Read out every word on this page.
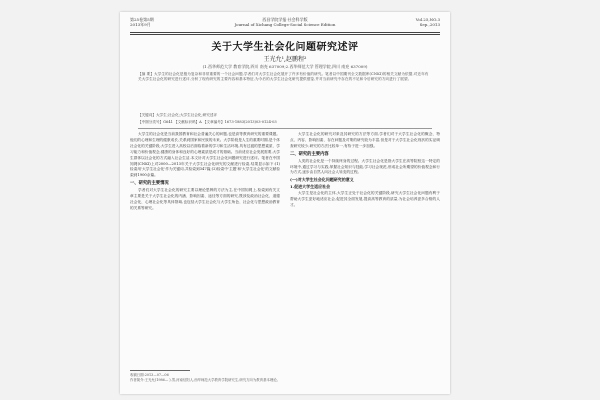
第25卷第5期
2013年9月
西昌学院学报·社会科学版
Journal of Xichang College·Social Science Edition
Vol.25,NO.3
Sep.,2013
关于大学生社会化问题研究述评
王光允¹,赵鹏程²
(1.西华师范大学 教育学院,四川 南充 637009;2.西华师范大学 管理学院,四川 南充 637009)
【摘 要】大学生的社会化是极为复杂和非常重要的一个社会问题,学者们对大学生社会化展开了许多有价值的研究。笔者以中国期刊全文数据库(CNKI)的相关文献为依据,对近年有关大学生社会化的研究进行述评,分析了现有研究的主要内容和基本特征,为今后的大学生社会化研究提供借鉴,并对当前研究中存在的不足和今后研究的方向进行了展望。
【关键词】大学生;社会化;大学生社会化;研究述评
【中图分类号】G641 【文献标识码】A 【文章编号】1673-1883(2013)03-0124-03

大学生的社会化是当前我国教育和社会普遍关心的问题,也是高等教育研究的重要课题。他们的心理和生理的健康成长,关系到国家和民族的未来。大学阶段是人生的重要时期,是个体社会化的关键阶段,大学生进入高校以后面临着新的学习和生活环境,具有过渡的思想素质、学习能力和价值观念,健康的身体和良好的心理素质是成才的基础。当前适应社会发展需要,大学生群体以社会化的方式融入社会生活,本文针对大学生社会化问题研究进行述评。笔者在中国知网(CNKI)上对2000—2013年关于大学生社会化研究的文献进行检索,结果显示如下:(1)检索用'大学生社会化'作为关键词,共检索到347篇;(2)检索中'主题'和'大学生社会化'的文献检索到1900余篇。

一、研究的主要情况

学者们对大学生社会化的研究主要以理论思辨的方法为主,在中国知网上,检索到有关文章主要是关于大学生社会化的内涵、影响因素、途径等方面的研究,既涉及政治社会化、道德社会化、心理社会化等具体领域,也包括大学生社会化与大学生角色、社会化与思想政治教育的关系等研究。

大学生社会化的研究对象及其研究的方法等方面,学者们对于大学生社会化的概念、特点、内容、影响因素、存在问题及对策的研究较为丰富,但是对于大学生社会化现状的实证调查研究较少,研究的方法比较单一,有待于进一步加强。

二、研究的主要内容

人类的社会化是一个持续终身的过程。大学生社会化是指大学生在高等院校这一特定的环境中,通过学习与实践,掌握社会知识与技能,学习社会规范,形成社会所期望的价值观念和行为方式,逐步由自然人向社会人转变的过程。

(一)对大学生社会化问题研究的意义
1.促进大学生适应社会

大学生是社会化的主体,大学生正处于社会化的关键阶段,研究大学生社会化问题有利于帮助大学生更好地适应社会,促进其全面发展,提高高等教育的质量,为社会培养更多合格的人才。

收稿日期:2013—07—06
作者简介:王光允(1986— ),男,河南信阳人,西华师范大学教育学院研究生,研究方向为教育基本理论。
